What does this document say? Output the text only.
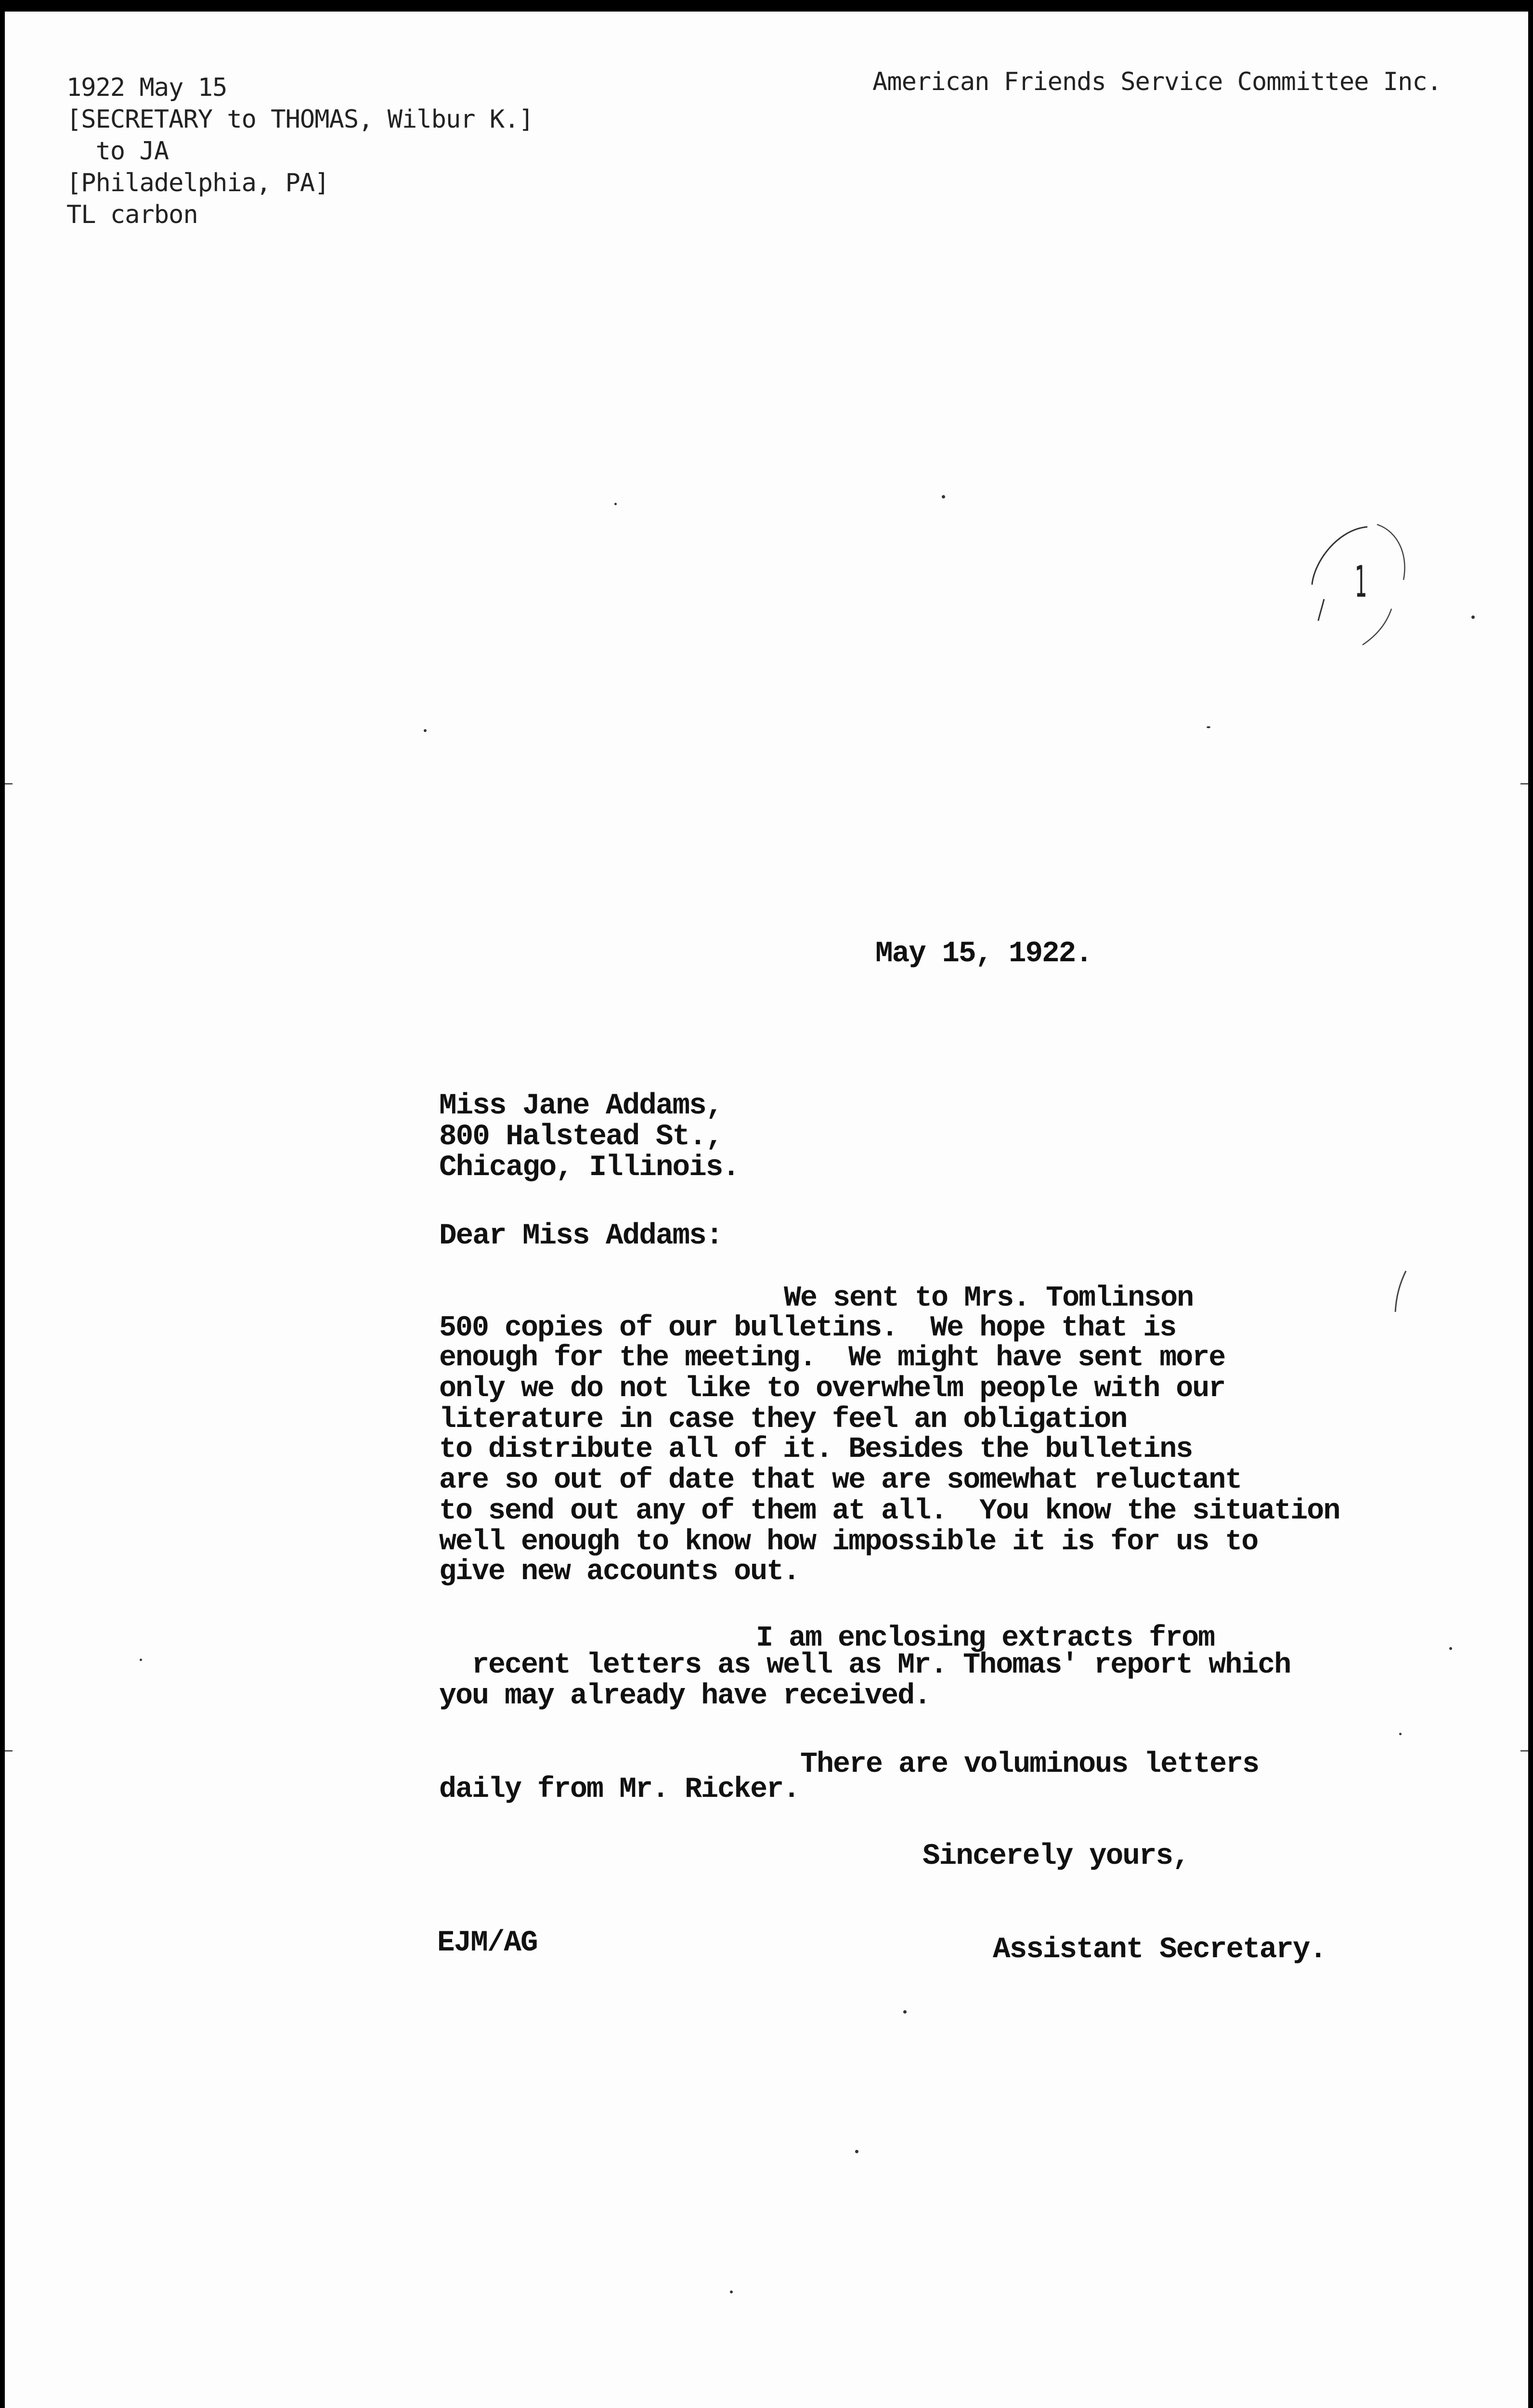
1922 May 15
[SECRETARY to THOMAS, Wilbur K.]
to JA
[Philadelphia, PA]
TL carbon
American Friends Service Committee Inc.
1
May 15, 1922.
Miss Jane Addams,
800 Halstead St.,
Chicago, Illinois.
Dear Miss Addams:
We sent to Mrs. Tomlinson
500 copies of our bulletins.  We hope that is
enough for the meeting.  We might have sent more
only we do not like to overwhelm people with our
literature in case they feel an obligation
to distribute all of it. Besides the bulletins
are so out of date that we are somewhat reluctant
to send out any of them at all.  You know the situation
well enough to know how impossible it is for us to
give new accounts out.
I am enclosing extracts from
recent letters as well as Mr. Thomas' report which
you may already have received.
There are voluminous letters
daily from Mr. Ricker.
Sincerely yours,
EJM/AG	Assistant Secretary.
